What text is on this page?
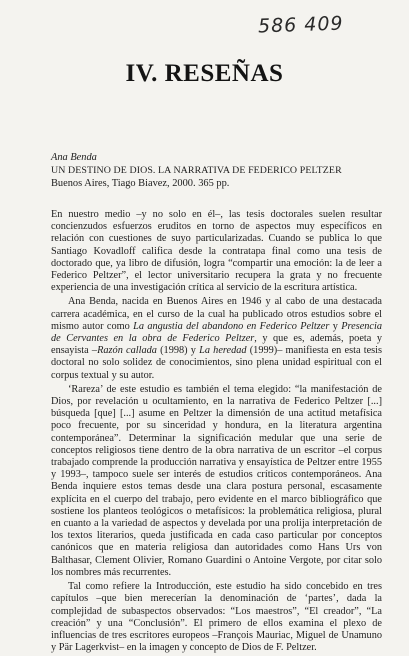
586 409
IV. RESEÑAS
Ana Benda
UN DESTINO DE DIOS. LA NARRATIVA DE FEDERICO PELTZER
Buenos Aires, Tiago Biavez, 2000. 365 pp.

En nuestro medio –y no solo en él–, las tesis doctorales suelen resultar concienzudos esfuerzos eruditos en torno de aspectos muy específicos en relación con cuestiones de suyo particularizadas. Cuando se publica lo que Santiago Kovadloff califica desde la contratapa final como una tesis de doctorado que, ya libro de difusión, logra “compartir una emoción: la de leer a Federico Peltzer”, el lector universitario recupera la grata y no frecuente experiencia de una investigación crítica al servicio de la escritura artística.

Ana Benda, nacida en Buenos Aires en 1946 y al cabo de una destacada carrera académica, en el curso de la cual ha publicado otros estudios sobre el mismo autor como La angustia del abandono en Federico Peltzer y Presencia de Cervantes en la obra de Federico Peltzer, y que es, además, poeta y ensayista –Razón callada (1998) y La heredad (1999)– manifiesta en esta tesis doctoral no solo solidez de conocimientos, sino plena unidad espiritual con el corpus textual y su autor.

‘Rareza’ de este estudio es también el tema elegido: “la manifestación de Dios, por revelación u ocultamiento, en la narrativa de Federico Peltzer [...] búsqueda [que] [...] asume en Peltzer la dimensión de una actitud metafísica poco frecuente, por su sinceridad y hondura, en la literatura argentina contemporánea”. Determinar la significación medular que una serie de conceptos religiosos tiene dentro de la obra narrativa de un escritor –el corpus trabajado comprende la producción narrativa y ensayística de Peltzer entre 1955 y 1993–, tampoco suele ser interés de estudios críticos contemporáneos. Ana Benda inquiere estos temas desde una clara postura personal, escasamente explícita en el cuerpo del trabajo, pero evidente en el marco bibliográfico que sostiene los planteos teológicos o metafísicos: la problemática religiosa, plural en cuanto a la variedad de aspectos y develada por una prolija interpretación de los textos literarios, queda justificada en cada caso particular por conceptos canónicos que en materia religiosa dan autoridades como Hans Urs von Balthasar, Clement Olivier, Romano Guardini o Antoine Vergote, por citar solo los nombres más recurrentes.

Tal como refiere la Introducción, este estudio ha sido concebido en tres capítulos –que bien merecerían la denominación de ‘partes’, dada la complejidad de subaspectos observados: “Los maestros”, “El creador”, “La creación” y una “Conclusión”. El primero de ellos examina el plexo de influencias de tres escritores europeos –François Mauriac, Miguel de Unamuno y Pär Lagerkvist– en la imagen y concepto de Dios de F. Peltzer.
